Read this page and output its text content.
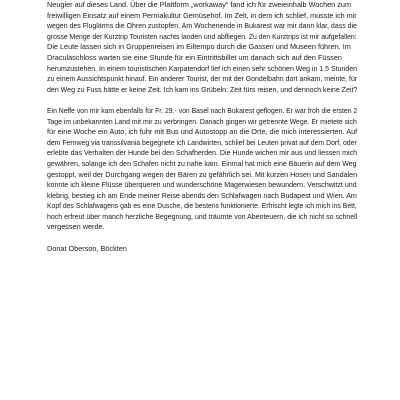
Neugier auf dieses Land. Über die Plattform „workaway“ fand ich für zweieinhalb Wochen zum
freiwilligen Einsatz auf einem Permakultur Gemüsehof. Im Zelt, in dem ich schlief, musste ich mir
wegen des Fluglärms die Ohren zustopfen. Am Wochenende in Bukarest war mir dann klar, dass die
grosse Menge der Kurztrip Touristen nachts landen und abfliegen. Zu den Kurztrips ist mir aufgefallen:
Die Leute lassen sich in Gruppenreisen im Eiltempo durch die Gassen und Museen führen. Im
Draculaschloss warten sie eine Stunde für ein Eintrittsbillet um danach sich auf den Füssen
herumzustehen. In einem touristischen Karpatendorf lief ich einen sehr schönen Weg in 1.5 Stunden
zu einem Aussichtspunkt hinauf. Ein anderer Tourist, der mit der Gondelbahn dort ankam, meinte, für
den Weg zu Fuss hätte er keine Zeit. Ich kam ins Grübeln: Zeit fürs reisen, und dennoch keine Zeit?
Ein Neffe von mir kam ebenfalls für Fr. 29.- von Basel nach Bukarest geflogen. Er war froh die ersten 2
Tage im unbekannten Land mit mir zu verbringen. Danach gingen wir getrennte Wege. Er mietete sich
für eine Woche ein Auto, ich fuhr mit Bus und Autostopp an die Orte, die mich interessierten. Auf
dem Fernweg via transsilvania begegnete ich Landwirten, schlief bei Leuten privat auf dem Dorf, oder
erlebte das Verhalten der Hunde bei den Schafherden. Die Hunde wichen mir aus und liessen mich
gewähren, solange ich den Schafen nicht zu nahe kam. Einmal hat mich eine Bäuerin auf dem Weg
gestoppt, weil der Durchgang wegen der Bären zu gefährlich sei. Mit kurzen Hosen und Sandalen
konnte ich kleine Flüsse überqueren und wunderschöne Magerwiesen bewundern. Verschwitzt und
klebrig, bestieg ich am Ende meiner Reise abends den Schlafwagen nach Budapest und Wien. Am
Kopf des Schlafwagens gab es eine Dusche, die bestens funktionierte. Erfrischt legte ich mich ins Bett,
hoch erfreut über manch herzliche Begegnung, und träumte von Abenteuern, die ich nicht so schnell
vergessen werde.
Donat Oberson, Böckten
